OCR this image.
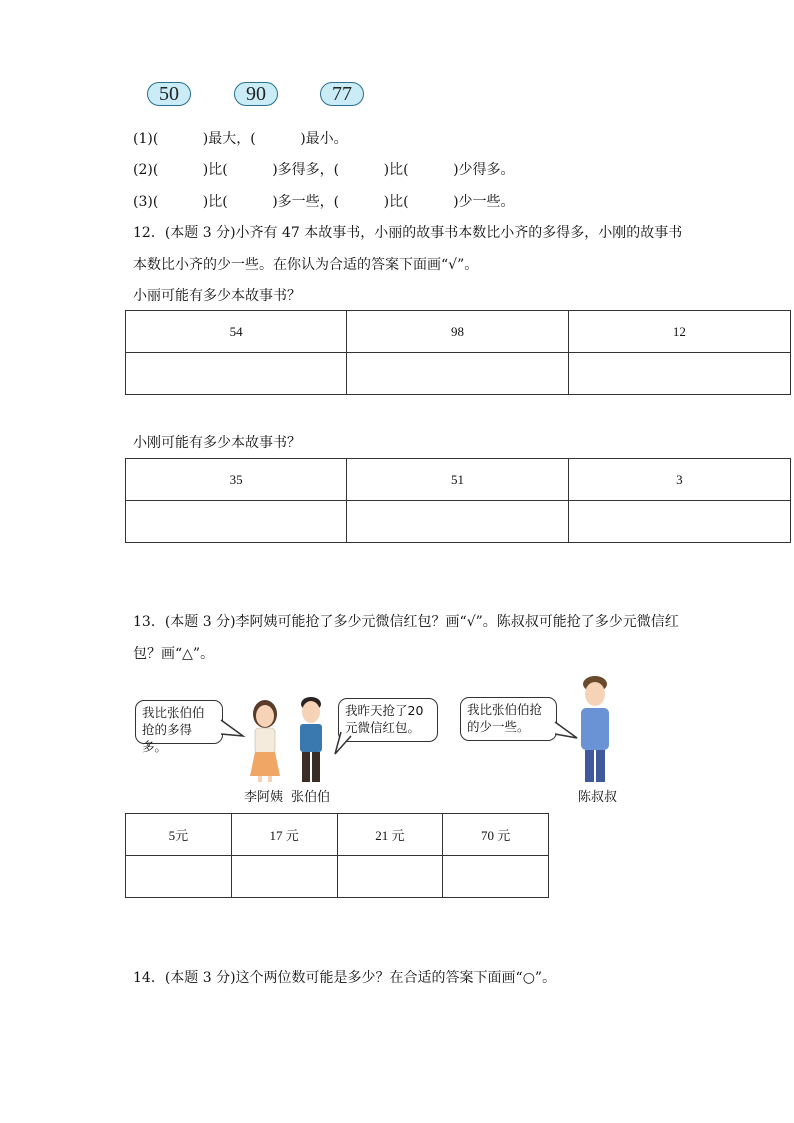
50	90	77
(1)(          )最大，(          )最小。
(2)(          )比(          )多得多，(          )比(          )少得多。
(3)(          )比(          )多一些，(          )比(          )少一些。
12．(本题 3 分)小齐有 47 本故事书，小丽的故事书本数比小齐的多得多，小刚的故事书
本数比小齐的少一些。在你认为合适的答案下面画“√”。
小丽可能有多少本故事书？
54	98	12

小刚可能有多少本故事书？
35	51	3

13．(本题 3 分)李阿姨可能抢了多少元微信红包？画“√”。陈叔叔可能抢了多少元微信红
包？画“△”。
我比张伯伯
抢的多得多。
我昨天抢了20
元微信红包。
我比张伯伯抢
的少一些。
李阿姨 张伯伯	陈叔叔
5元	17 元	21 元	70 元

14．(本题 3 分)这个两位数可能是多少？在合适的答案下面画“○”。
